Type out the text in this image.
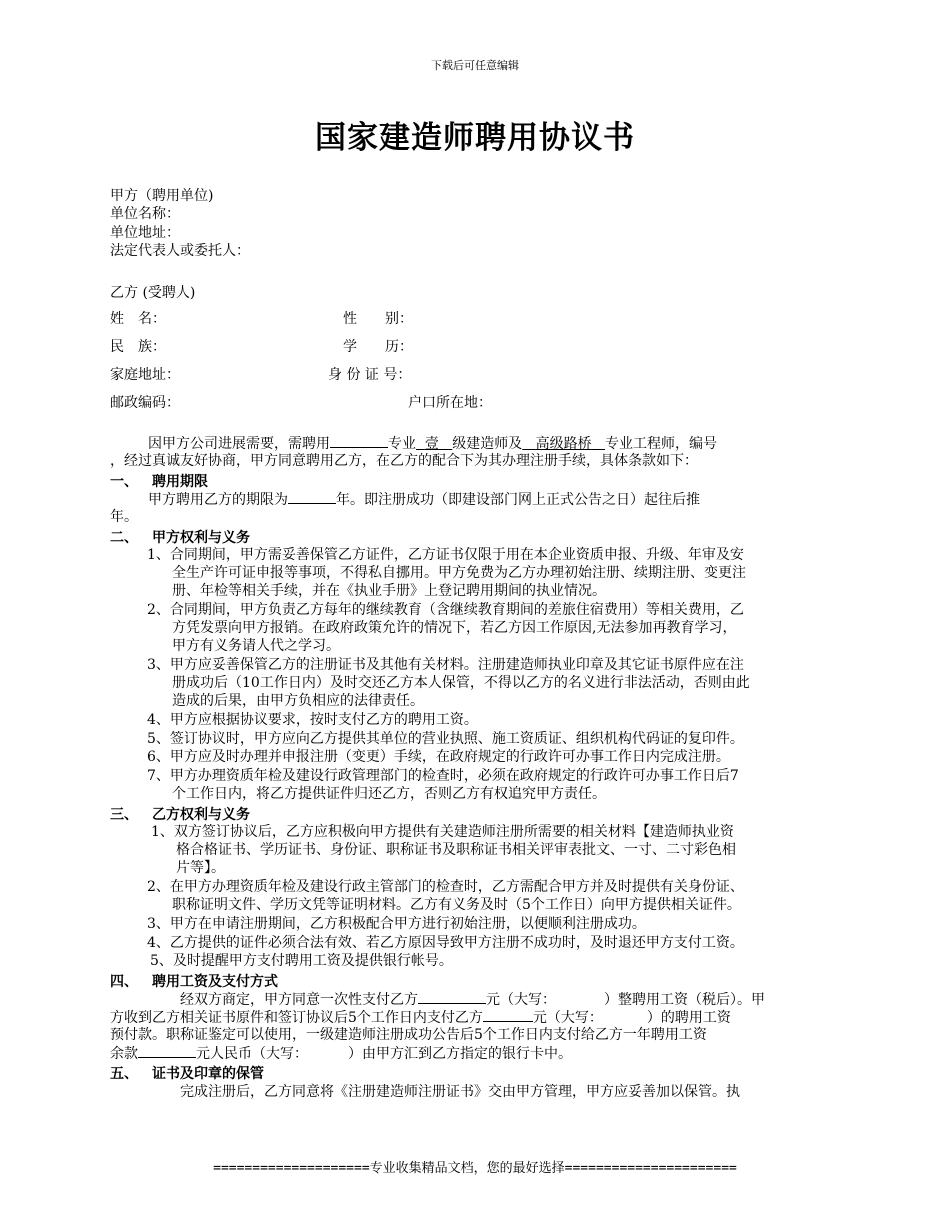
下载后可任意编辑
国家建造师聘用协议书
甲方（聘用单位)
单位名称：
单位地址：
法定代表人或委托人：
乙方 (受聘人)
姓　名：	性　　别：
民　族：	学　　历：
家庭地址：	身 份 证 号：
邮政编码：	户口所在地：
因甲方公司进展需要，需聘用	专业 壹 级建造师及 高级路桥 专业工程师，编号
，经过真诚友好协商，甲方同意聘用乙方，在乙方的配合下为其办理注册手续，具体条款如下：
一、 聘用期限
甲方聘用乙方的期限为	年。即注册成功（即建设部门网上正式公告之日）起往后推
年。
二、 甲方权利与义务
1、合同期间，甲方需妥善保管乙方证件，乙方证书仅限于用在本企业资质申报、升级、年审及安
全生产许可证申报等事项，不得私自挪用。甲方免费为乙方办理初始注册、续期注册、变更注
册、年检等相关手续，并在《执业手册》上登记聘用期间的执业情况。
2、合同期间，甲方负责乙方每年的继续教育（含继续教育期间的差旅住宿费用）等相关费用，乙
方凭发票向甲方报销。在政府政策允许的情况下，若乙方因工作原因,无法参加再教育学习，
甲方有义务请人代之学习。
3、甲方应妥善保管乙方的注册证书及其他有关材料。注册建造师执业印章及其它证书原件应在注
册成功后（10工作日内）及时交还乙方本人保管，不得以乙方的名义进行非法活动，否则由此
造成的后果，由甲方负相应的法律责任。
4、甲方应根据协议要求，按时支付乙方的聘用工资。
5、签订协议时，甲方应向乙方提供其单位的营业执照、施工资质证、组织机构代码证的复印件。
6、甲方应及时办理并申报注册（变更）手续，在政府规定的行政许可办事工作日内完成注册。
7、甲方办理资质年检及建设行政管理部门的检查时，必须在政府规定的行政许可办事工作日后7
个工作日内，将乙方提供证件归还乙方，否则乙方有权追究甲方责任。
三、 乙方权利与义务
1、双方签订协议后，乙方应积极向甲方提供有关建造师注册所需要的相关材料【建造师执业资
格合格证书、学历证书、身份证、职称证书及职称证书相关评审表批文、一寸、二寸彩色相
片等】。
2、在甲方办理资质年检及建设行政主管部门的检查时，乙方需配合甲方并及时提供有关身份证、
职称证明文件、学历文凭等证明材料。乙方有义务及时（5个工作日）向甲方提供相关证件。
3、甲方在申请注册期间，乙方积极配合甲方进行初始注册，以便顺利注册成功。
4、乙方提供的证件必须合法有效、若乙方原因导致甲方注册不成功时，及时退还甲方支付工资。
5、及时提醒甲方支付聘用工资及提供银行帐号。
四、 聘用工资及支付方式
经双方商定，甲方同意一次性支付乙方	元（大写：	）整聘用工资（税后）。甲
方收到乙方相关证书原件和签订协议后5个工作日内支付乙方	元（大写：	）的聘用工资
预付款。职称证鉴定可以使用，一级建造师注册成功公告后5个工作日内支付给乙方一年聘用工资
余款	元人民币（大写：	）由甲方汇到乙方指定的银行卡中。
五、 证书及印章的保管
完成注册后，乙方同意将《注册建造师注册证书》交由甲方管理，甲方应妥善加以保管。执
====================专业收集精品文档，您的最好选择======================
